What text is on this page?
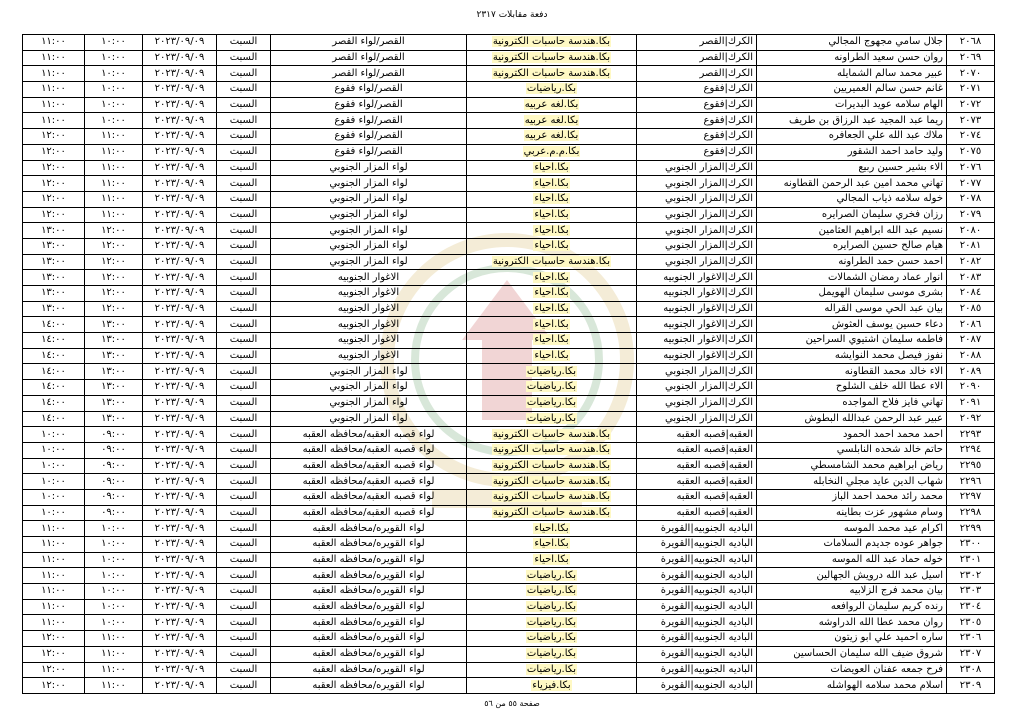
دفعة مقابلات ٢٣١٧
٢٠٦٨	جلال سامي مجهوج المجالي	الكرك|القصر	بكا.هندسة حاسبات الكترونية	القصر/لواء القصر	السبت	٢٠٢٣/٠٩/٠٩	١٠:٠٠	١١:٠٠
٢٠٦٩	روان حسن سعيد الطراونه	الكرك|القصر	بكا.هندسة حاسبات الكترونية	القصر/لواء القصر	السبت	٢٠٢٣/٠٩/٠٩	١٠:٠٠	١١:٠٠
٢٠٧٠	عبير محمد سالم الشمايله	الكرك|القصر	بكا.هندسة حاسبات الكترونية	القصر/لواء القصر	السبت	٢٠٢٣/٠٩/٠٩	١٠:٠٠	١١:٠٠
٢٠٧١	غانم حسن سالم العميريين	الكرك|فقوع	بكا.رياضيات	القصر/لواء فقوع	السبت	٢٠٢٣/٠٩/٠٩	١٠:٠٠	١١:٠٠
٢٠٧٢	الهام سلامه عويد البديرات	الكرك|فقوع	بكا.لغه عربيه	القصر/لواء فقوع	السبت	٢٠٢٣/٠٩/٠٩	١٠:٠٠	١١:٠٠
٢٠٧٣	ريما عبد المجيد عبد الرزاق بن طريف	الكرك|فقوع	بكا.لغه عربيه	القصر/لواء فقوع	السبت	٢٠٢٣/٠٩/٠٩	١٠:٠٠	١١:٠٠
٢٠٧٤	ملاك عبد الله علي الجعافره	الكرك|فقوع	بكا.لغه عربيه	القصر/لواء فقوع	السبت	٢٠٢٣/٠٩/٠٩	١١:٠٠	١٢:٠٠
٢٠٧٥	وليد حامد احمد الشقور	الكرك|فقوع	بكا.م.م.عربي	القصر/لواء فقوع	السبت	٢٠٢٣/٠٩/٠٩	١١:٠٠	١٢:٠٠
٢٠٧٦	الاء بشير حسين ربيع	الكرك|المزار الجنوبي	بكا.احياء	لواء المزار الجنوبي	السبت	٢٠٢٣/٠٩/٠٩	١١:٠٠	١٢:٠٠
٢٠٧٧	تهاني محمد امين عبد الرحمن القطاونه	الكرك|المزار الجنوبي	بكا.احياء	لواء المزار الجنوبي	السبت	٢٠٢٣/٠٩/٠٩	١١:٠٠	١٢:٠٠
٢٠٧٨	خوله سلامه ذياب المجالي	الكرك|المزار الجنوبي	بكا.احياء	لواء المزار الجنوبي	السبت	٢٠٢٣/٠٩/٠٩	١١:٠٠	١٢:٠٠
٢٠٧٩	رزان فخري سليمان الصرايره	الكرك|المزار الجنوبي	بكا.احياء	لواء المزار الجنوبي	السبت	٢٠٢٣/٠٩/٠٩	١١:٠٠	١٢:٠٠
٢٠٨٠	نسيم عبد الله ابراهيم العثامين	الكرك|المزار الجنوبي	بكا.احياء	لواء المزار الجنوبي	السبت	٢٠٢٣/٠٩/٠٩	١٢:٠٠	١٣:٠٠
٢٠٨١	هيام صالح حسين الصرايره	الكرك|المزار الجنوبي	بكا.احياء	لواء المزار الجنوبي	السبت	٢٠٢٣/٠٩/٠٩	١٢:٠٠	١٣:٠٠
٢٠٨٢	احمد حسن حمد الطراونه	الكرك|المزار الجنوبي	بكا.هندسة حاسبات الكترونية	لواء المزار الجنوبي	السبت	٢٠٢٣/٠٩/٠٩	١٢:٠٠	١٣:٠٠
٢٠٨٣	انوار عماد رمضان الشمالات	الكرك|الاغوار الجنوبيه	بكا.احياء	الاغوار الجنوبيه	السبت	٢٠٢٣/٠٩/٠٩	١٢:٠٠	١٣:٠٠
٢٠٨٤	بشرى موسى سليمان الهويمل	الكرك|الاغوار الجنوبيه	بكا.احياء	الاغوار الجنوبيه	السبت	٢٠٢٣/٠٩/٠٩	١٢:٠٠	١٣:٠٠
٢٠٨٥	بيان عبد الحي موسى القراله	الكرك|الاغوار الجنوبيه	بكا.احياء	الاغوار الجنوبيه	السبت	٢٠٢٣/٠٩/٠٩	١٢:٠٠	١٣:٠٠
٢٠٨٦	دعاء حسين يوسف العثوش	الكرك|الاغوار الجنوبيه	بكا.احياء	الاغوار الجنوبيه	السبت	٢٠٢٣/٠٩/٠٩	١٣:٠٠	١٤:٠٠
٢٠٨٧	فاطمه سليمان اشتيوي السراحين	الكرك|الاغوار الجنوبيه	بكا.احياء	الاغوار الجنوبيه	السبت	٢٠٢٣/٠٩/٠٩	١٣:٠٠	١٤:٠٠
٢٠٨٨	نفوز فيصل محمد النوايشه	الكرك|الاغوار الجنوبيه	بكا.احياء	الاغوار الجنوبيه	السبت	٢٠٢٣/٠٩/٠٩	١٣:٠٠	١٤:٠٠
٢٠٨٩	الاء خالد محمد القطاونه	الكرك|المزار الجنوبي	بكا.رياضيات	لواء المزار الجنوبي	السبت	٢٠٢٣/٠٩/٠٩	١٣:٠٠	١٤:٠٠
٢٠٩٠	الاء عطا الله خلف الشلوح	الكرك|المزار الجنوبي	بكا.رياضيات	لواء المزار الجنوبي	السبت	٢٠٢٣/٠٩/٠٩	١٣:٠٠	١٤:٠٠
٢٠٩١	تهاني فايز فلاح المواجده	الكرك|المزار الجنوبي	بكا.رياضيات	لواء المزار الجنوبي	السبت	٢٠٢٣/٠٩/٠٩	١٣:٠٠	١٤:٠٠
٢٠٩٢	عبير عبد الرحمن عبدالله البطوش	الكرك|المزار الجنوبي	بكا.رياضيات	لواء المزار الجنوبي	السبت	٢٠٢٣/٠٩/٠٩	١٣:٠٠	١٤:٠٠
٢٢٩٣	احمد محمد احمد الحمود	العقبه|قصبه العقبه	بكا.هندسة حاسبات الكترونية	لواء قصبه العقبه/محافظه العقبه	السبت	٢٠٢٣/٠٩/٠٩	٠٩:٠٠	١٠:٠٠
٢٢٩٤	حاتم خالد شحده النابلسي	العقبه|قصبه العقبه	بكا.هندسة حاسبات الكترونية	لواء قصبه العقبه/محافظه العقبه	السبت	٢٠٢٣/٠٩/٠٩	٠٩:٠٠	١٠:٠٠
٢٢٩٥	رياض ابراهيم محمد الشامسطي	العقبه|قصبه العقبه	بكا.هندسة حاسبات الكترونية	لواء قصبه العقبه/محافظه العقبه	السبت	٢٠٢٣/٠٩/٠٩	٠٩:٠٠	١٠:٠٠
٢٢٩٦	شهاب الدين عايد مجلي النخابله	العقبه|قصبه العقبه	بكا.هندسة حاسبات الكترونية	لواء قصبه العقبه/محافظه العقبه	السبت	٢٠٢٣/٠٩/٠٩	٠٩:٠٠	١٠:٠٠
٢٢٩٧	محمد رائد محمد احمد الباز	العقبه|قصبه العقبه	بكا.هندسة حاسبات الكترونية	لواء قصبه العقبه/محافظه العقبه	السبت	٢٠٢٣/٠٩/٠٩	٠٩:٠٠	١٠:٠٠
٢٢٩٨	وسام مشهور عزت بطاينه	العقبه|قصبه العقبه	بكا.هندسة حاسبات الكترونية	لواء قصبه العقبه/محافظه العقبه	السبت	٢٠٢٣/٠٩/٠٩	٠٩:٠٠	١٠:٠٠
٢٢٩٩	اكرام عيد محمد الموسه	الباديه الجنوبيه|القويرة	بكا.احياء	لواء القويره/محافظه العقبه	السبت	٢٠٢٣/٠٩/٠٩	١٠:٠٠	١١:٠٠
٢٣٠٠	جواهر عوده جديدم السلامات	الباديه الجنوبيه|القويرة	بكا.احياء	لواء القويره/محافظه العقبه	السبت	٢٠٢٣/٠٩/٠٩	١٠:٠٠	١١:٠٠
٢٣٠١	خوله حماد عبد الله الموسه	الباديه الجنوبيه|القويرة	بكا.احياء	لواء القويره/محافظه العقبه	السبت	٢٠٢٣/٠٩/٠٩	١٠:٠٠	١١:٠٠
٢٣٠٢	اسيل عبد الله درويش الجهالين	الباديه الجنوبيه|القويرة	بكا.رياضيات	لواء القويره/محافظه العقبه	السبت	٢٠٢٣/٠٩/٠٩	١٠:٠٠	١١:٠٠
٢٣٠٣	بيان محمد فرج الزلابيه	الباديه الجنوبيه|القويرة	بكا.رياضيات	لواء القويره/محافظه العقبه	السبت	٢٠٢٣/٠٩/٠٩	١٠:٠٠	١١:٠٠
٢٣٠٤	رنده كريم سليمان الروافعه	الباديه الجنوبيه|القويرة	بكا.رياضيات	لواء القويره/محافظه العقبه	السبت	٢٠٢٣/٠٩/٠٩	١٠:٠٠	١١:٠٠
٢٣٠٥	روان محمد عطا الله الدراوشه	الباديه الجنوبيه|القويرة	بكا.رياضيات	لواء القويره/محافظه العقبه	السبت	٢٠٢٣/٠٩/٠٩	١٠:٠٠	١١:٠٠
٢٣٠٦	ساره احميد علي ابو زيتون	الباديه الجنوبيه|القويرة	بكا.رياضيات	لواء القويره/محافظه العقبه	السبت	٢٠٢٣/٠٩/٠٩	١١:٠٠	١٢:٠٠
٢٣٠٧	شروق ضيف الله سليمان الحساسين	الباديه الجنوبيه|القويرة	بكا.رياضيات	لواء القويره/محافظه العقبه	السبت	٢٠٢٣/٠٩/٠٩	١١:٠٠	١٢:٠٠
٢٣٠٨	فرح جمعه عفنان العويضات	الباديه الجنوبيه|القويرة	بكا.رياضيات	لواء القويره/محافظه العقبه	السبت	٢٠٢٣/٠٩/٠٩	١١:٠٠	١٢:٠٠
٢٣٠٩	اسلام محمد سلامه الهواشله	الباديه الجنوبيه|القويرة	بكا.فيزياء	لواء القويره/محافظه العقبه	السبت	٢٠٢٣/٠٩/٠٩	١١:٠٠	١٢:٠٠
صفحة ٥٥ من ٥٦
